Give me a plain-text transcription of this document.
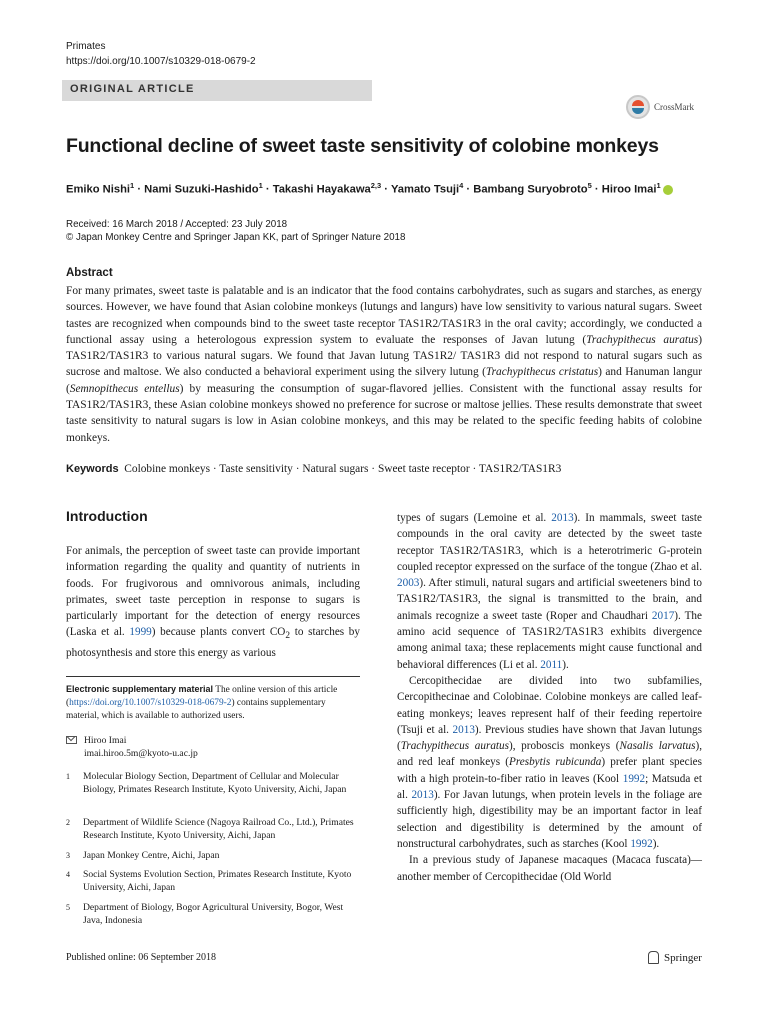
Primates
https://doi.org/10.1007/s10329-018-0679-2
ORIGINAL ARTICLE
CrossMark
Functional decline of sweet taste sensitivity of colobine monkeys
Emiko Nishi$^1$ · Nami Suzuki-Hashido$^1$ · Takashi Hayakawa$^{2,3}$ · Yamato Tsuji$^4$ · Bambang Suryobroto$^5$ · Hiroo Imai$^1$
Received: 16 March 2018 / Accepted: 23 July 2018
© Japan Monkey Centre and Springer Japan KK, part of Springer Nature 2018
Abstract
For many primates, sweet taste is palatable and is an indicator that the food contains carbohydrates, such as sugars and starches, as energy sources. However, we have found that Asian colobine monkeys (lutungs and langurs) have low sensitivity to various natural sugars. Sweet tastes are recognized when compounds bind to the sweet taste receptor TAS1R2/TAS1R3 in the oral cavity; accordingly, we conducted a functional assay using a heterologous expression system to evaluate the responses of Javan lutung (Trachypithecus auratus) TAS1R2/TAS1R3 to various natural sugars. We found that Javan lutung TAS1R2/ TAS1R3 did not respond to natural sugars such as sucrose and maltose. We also conducted a behavioral experiment using the silvery lutung (Trachypithecus cristatus) and Hanuman langur (Semnopithecus entellus) by measuring the consumption of sugar-flavored jellies. Consistent with the functional assay results for TAS1R2/TAS1R3, these Asian colobine monkeys showed no preference for sucrose or maltose jellies. These results demonstrate that sweet taste sensitivity to natural sugars is low in Asian colobine monkeys, and this may be related to the specific feeding habits of colobine monkeys.
Keywords Colobine monkeys · Taste sensitivity · Natural sugars · Sweet taste receptor · TAS1R2/TAS1R3
Introduction
For animals, the perception of sweet taste can provide important information regarding the quality and quantity of nutrients in foods. For frugivorous and omnivorous animals, including primates, sweet taste perception in response to sugars is particularly important for the detection of energy resources (Laska et al. 1999) because plants convert $CO_2$ to starches by photosynthesis and store this energy as various
Electronic supplementary material The online version of this article (https://doi.org/10.1007/s10329-018-0679-2) contains supplementary material, which is available to authorized users.
Hiroo Imai
imai.hiroo.5m@kyoto-u.ac.jp
1	Molecular Biology Section, Department of Cellular and Molecular Biology, Primates Research Institute, Kyoto University, Aichi, Japan
2	Department of Wildlife Science (Nagoya Railroad Co., Ltd.), Primates Research Institute, Kyoto University, Aichi, Japan
3	Japan Monkey Centre, Aichi, Japan
4	Social Systems Evolution Section, Primates Research Institute, Kyoto University, Aichi, Japan
5	Department of Biology, Bogor Agricultural University, Bogor, West Java, Indonesia

types of sugars (Lemoine et al. 2013). In mammals, sweet taste compounds in the oral cavity are detected by the sweet taste receptor TAS1R2/TAS1R3, which is a heterotrimeric G-protein coupled receptor expressed on the surface of the tongue (Zhao et al. 2003). After stimuli, natural sugars and artificial sweeteners bind to TAS1R2/TAS1R3, the signal is transmitted to the brain, and animals recognize a sweet taste (Roper and Chaudhari 2017). The amino acid sequence of TAS1R2/TAS1R3 exhibits divergence among animal taxa; these replacements might cause functional and behavioral differences (Li et al. 2011).

Cercopithecidae are divided into two subfamilies, Cercopithecinae and Colobinae. Colobine monkeys are called leaf-eating monkeys; leaves represent half of their feeding repertoire (Tsuji et al. 2013). Previous studies have shown that Javan lutungs (Trachypithecus auratus), proboscis monkeys (Nasalis larvatus), and red leaf monkeys (Presbytis rubicunda) prefer plant species with a high protein-to-fiber ratio in leaves (Kool 1992; Matsuda et al. 2013). For Javan lutungs, when protein levels in the foliage are sufficiently high, digestibility may be an important factor in leaf selection and digestibility is determined by the amount of nonstructural carbohydrates, such as starches (Kool 1992).

In a previous study of Japanese macaques (Macaca fuscata)—another member of Cercopithecidae (Old World

Published online: 06 September 2018	Springer
